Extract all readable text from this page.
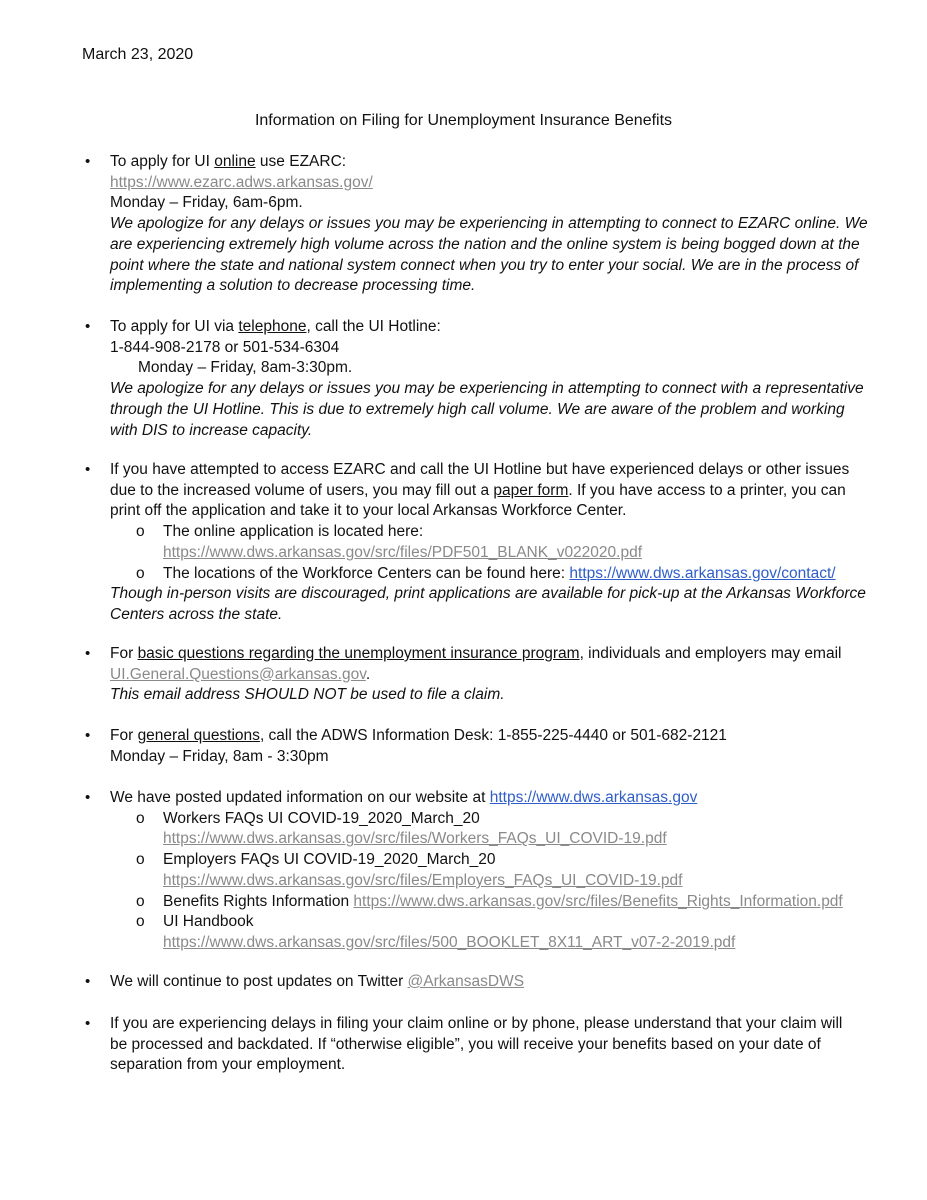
March 23, 2020
Information on Filing for Unemployment Insurance Benefits
• To apply for UI online use EZARC:
https://www.ezarc.adws.arkansas.gov/
Monday – Friday, 6am-6pm.
We apologize for any delays or issues you may be experiencing in attempting to connect to EZARC online. We
are experiencing extremely high volume across the nation and the online system is being bogged down at the
point where the state and national system connect when you try to enter your social. We are in the process of
implementing a solution to decrease processing time.
• To apply for UI via telephone, call the UI Hotline:
1-844-908-2178 or 501-534-6304
Monday – Friday, 8am-3:30pm.
We apologize for any delays or issues you may be experiencing in attempting to connect with a representative
through the UI Hotline. This is due to extremely high call volume. We are aware of the problem and working
with DIS to increase capacity.
• If you have attempted to access EZARC and call the UI Hotline but have experienced delays or other issues
due to the increased volume of users, you may fill out a paper form. If you have access to a printer, you can
print off the application and take it to your local Arkansas Workforce Center.
o The online application is located here:
https://www.dws.arkansas.gov/src/files/PDF501_BLANK_v022020.pdf
o The locations of the Workforce Centers can be found here: https://www.dws.arkansas.gov/contact/
Though in-person visits are discouraged, print applications are available for pick-up at the Arkansas Workforce
Centers across the state.
• For basic questions regarding the unemployment insurance program, individuals and employers may email
UI.General.Questions@arkansas.gov.
This email address SHOULD NOT be used to file a claim.
• For general questions, call the ADWS Information Desk: 1-855-225-4440 or 501-682-2121
Monday – Friday, 8am - 3:30pm
• We have posted updated information on our website at https://www.dws.arkansas.gov
o Workers FAQs UI COVID-19_2020_March_20
https://www.dws.arkansas.gov/src/files/Workers_FAQs_UI_COVID-19.pdf
o Employers FAQs UI COVID-19_2020_March_20
https://www.dws.arkansas.gov/src/files/Employers_FAQs_UI_COVID-19.pdf
o Benefits Rights Information https://www.dws.arkansas.gov/src/files/Benefits_Rights_Information.pdf
o UI Handbook
https://www.dws.arkansas.gov/src/files/500_BOOKLET_8X11_ART_v07-2-2019.pdf
• We will continue to post updates on Twitter @ArkansasDWS
• If you are experiencing delays in filing your claim online or by phone, please understand that your claim will
be processed and backdated. If “otherwise eligible”, you will receive your benefits based on your date of
separation from your employment.
